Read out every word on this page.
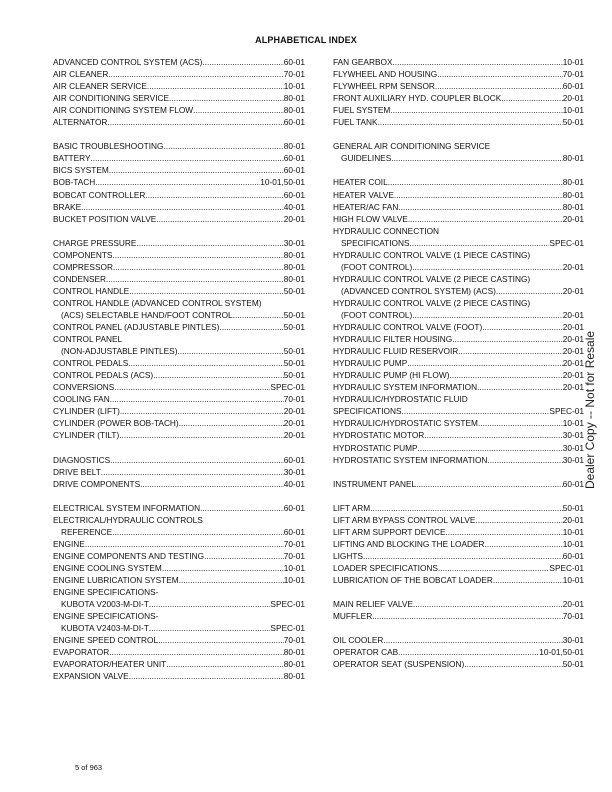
ALPHABETICAL INDEX
ADVANCED CONTROL SYSTEM (ACS) .....	60-01
AIR CLEANER .....	70-01
AIR CLEANER SERVICE .....	10-01
AIR CONDITIONING SERVICE .....	80-01
AIR CONDITIONING SYSTEM FLOW .....	80-01
ALTERNATOR .....	60-01
BASIC TROUBLESHOOTING .....	80-01
BATTERY .....	60-01
BICS SYSTEM .....	60-01
BOB-TACH .....	10-01,50-01
BOBCAT CONTROLLER .....	60-01
BRAKE .....	40-01
BUCKET POSITION VALVE .....	20-01
CHARGE PRESSURE .....	30-01
COMPONENTS .....	80-01
COMPRESSOR .....	80-01
CONDENSER .....	80-01
CONTROL HANDLE .....	50-01
CONTROL HANDLE (ADVANCED CONTROL SYSTEM)
(ACS) SELECTABLE HAND/FOOT CONTROL .....	50-01
CONTROL PANEL (ADJUSTABLE PINTLES) .....	50-01
CONTROL PANEL
(NON-ADJUSTABLE PINTLES) .....	50-01
CONTROL PEDALS .....	50-01
CONTROL PEDALS (ACS) .....	50-01
CONVERSIONS .....	SPEC-01
COOLING FAN .....	70-01
CYLINDER (LIFT) .....	20-01
CYLINDER (POWER BOB-TACH) .....	20-01
CYLINDER (TILT) .....	20-01
DIAGNOSTICS .....	60-01
DRIVE BELT .....	30-01
DRIVE COMPONENTS .....	40-01
ELECTRICAL SYSTEM INFORMATION .....	60-01
ELECTRICAL/HYDRAULIC CONTROLS
REFERENCE .....	60-01
ENGINE .....	70-01
ENGINE COMPONENTS AND TESTING .....	70-01
ENGINE COOLING SYSTEM .....	10-01
ENGINE LUBRICATION SYSTEM .....	10-01
ENGINE SPECIFICATIONS-
KUBOTA V2003-M-DI-T .....	SPEC-01
ENGINE SPECIFICATIONS-
KUBOTA V2403-M-DI-T .....	SPEC-01
ENGINE SPEED CONTROL .....	70-01
EVAPORATOR .....	80-01
EVAPORATOR/HEATER UNIT .....	80-01
EXPANSION VALVE .....	80-01
FAN GEARBOX .....	10-01
FLYWHEEL AND HOUSING .....	70-01
FLYWHEEL RPM SENSOR .....	60-01
FRONT AUXILIARY HYD. COUPLER BLOCK .....	20-01
FUEL SYSTEM .....	10-01
FUEL TANK .....	50-01
GENERAL AIR CONDITIONING SERVICE
GUIDELINES .....	80-01
HEATER COIL .....	80-01
HEATER VALVE .....	80-01
HEATER/AC FAN .....	80-01
HIGH FLOW VALVE .....	20-01
HYDRAULIC CONNECTION
SPECIFICATIONS .....	SPEC-01
HYDRAULIC CONTROL VALVE (1 PIECE CASTING)
(FOOT CONTROL) .....	20-01
HYDRAULIC CONTROL VALVE (2 PIECE CASTING)
(ADVANCED CONTROL SYSTEM) (ACS) .....	20-01
HYDRAULIC CONTROL VALVE (2 PIECE CASTING)
(FOOT CONTROL) .....	20-01
HYDRAULIC CONTROL VALVE (FOOT) .....	20-01
HYDRAULIC FILTER HOUSING .....	20-01
HYDRAULIC FLUID RESERVOIR .....	20-01
HYDRAULIC PUMP .....	20-01
HYDRAULIC PUMP (HI FLOW) .....	20-01
HYDRAULIC SYSTEM INFORMATION .....	20-01
HYDRAULIC/HYDROSTATIC FLUID
SPECIFICATIONS .....	SPEC-01
HYDRAULIC/HYDROSTATIC SYSTEM .....	10-01
HYDROSTATIC MOTOR .....	30-01
HYDROSTATIC PUMP .....	30-01
HYDROSTATIC SYSTEM INFORMATION .....	30-01
INSTRUMENT PANEL .....	60-01
LIFT ARM .....	50-01
LIFT ARM BYPASS CONTROL VALVE .....	20-01
LIFT ARM SUPPORT DEVICE .....	10-01
LIFTING AND BLOCKING THE LOADER .....	10-01
LIGHTS .....	60-01
LOADER SPECIFICATIONS .....	SPEC-01
LUBRICATION OF THE BOBCAT LOADER .....	10-01
MAIN RELIEF VALVE .....	20-01
MUFFLER .....	70-01
OIL COOLER .....	30-01
OPERATOR CAB .....	10-01,50-01
OPERATOR SEAT (SUSPENSION) .....	50-01
Dealer Copy -- Not for Resale
5 of 963
